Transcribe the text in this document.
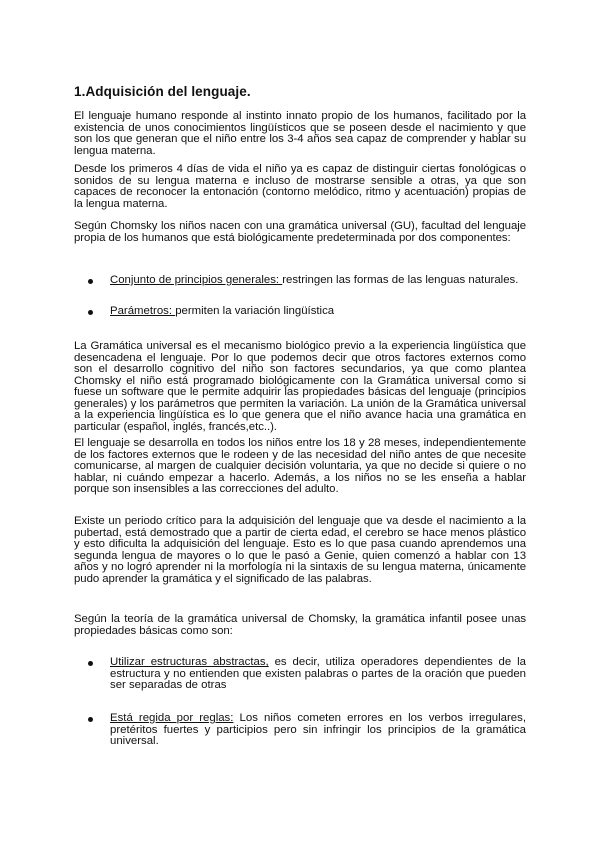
1.Adquisición del lenguaje.

El lenguaje humano responde al instinto innato propio de los humanos, facilitado por la existencia de unos conocimientos lingüísticos que se poseen desde el nacimiento y que son los que generan que el niño entre los 3-4 años sea capaz de comprender y hablar su lengua materna.

Desde los primeros 4 días de vida el niño ya es capaz de distinguir ciertas fonológicas o sonidos de su lengua materna e incluso de mostrarse sensible a otras, ya que son capaces de reconocer la entonación (contorno melódico, ritmo y acentuación) propias de la lengua materna.

Según Chomsky los niños nacen con una gramática universal (GU), facultad del lenguaje propia de los humanos que está biológicamente predeterminada por dos componentes:

Conjunto de principios generales: restringen las formas de las lenguas naturales.
Parámetros: permiten la variación lingüística

La Gramática universal es el mecanismo biológico previo a la experiencia lingüística que desencadena el lenguaje. Por lo que podemos decir que otros factores externos como son el desarrollo cognitivo del niño son factores secundarios, ya que como plantea Chomsky el niño está programado biológicamente con la Gramática universal como si fuese un software que le permite adquirir las propiedades básicas del lenguaje (principios generales) y los parámetros que permiten la variación. La unión de la Gramática universal a la experiencia lingüística es lo que genera que el niño avance hacia una gramática en particular (español, inglés, francés,etc..).

El lenguaje se desarrolla en todos los niños entre los 18 y 28 meses, independientemente de los factores externos que le rodeen y de las necesidad del niño antes de que necesite comunicarse, al margen de cualquier decisión voluntaria, ya que no decide si quiere o no hablar, ni cuándo empezar a hacerlo. Además, a los niños no se les enseña a hablar porque son insensibles a las correcciones del adulto.

Existe un periodo crítico para la adquisición del lenguaje que va desde el nacimiento a la pubertad, está demostrado que a partir de cierta edad, el cerebro se hace menos plástico y esto dificulta la adquisición del lenguaje. Esto es lo que pasa cuando aprendemos una segunda lengua de mayores o lo que le pasó a Genie, quien comenzó a hablar con 13 años y no logró aprender ni la morfología ni la sintaxis de su lengua materna, únicamente pudo aprender la gramática y el significado de las palabras.

Según la teoría de la gramática universal de Chomsky, la gramática infantil posee unas propiedades básicas como son:

Utilizar estructuras abstractas, es decir, utiliza operadores dependientes de la estructura y no entienden que existen palabras o partes de la oración que pueden ser separadas de otras
Está regida por reglas: Los niños cometen errores en los verbos irregulares, pretéritos fuertes y participios pero sin infringir los principios de la gramática universal.
